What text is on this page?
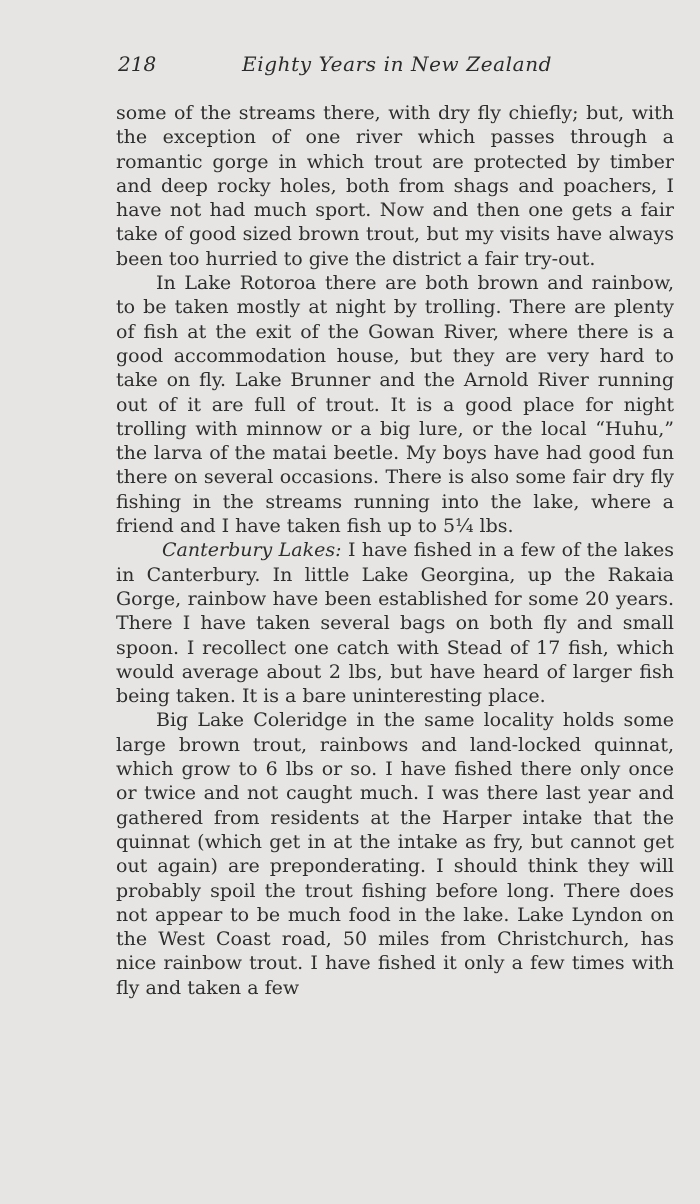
218	Eighty Years in New Zealand

some of the streams there, with dry fly chiefly; but, with the exception of one river which passes through a romantic gorge in which trout are protected by timber and deep rocky holes, both from shags and poachers, I have not had much sport. Now and then one gets a fair take of good sized brown trout, but my visits have always been too hurried to give the district a fair try-out.

In Lake Rotoroa there are both brown and rainbow, to be taken mostly at night by trolling. There are plenty of fish at the exit of the Gowan River, where there is a good accommodation house, but they are very hard to take on fly. Lake Brunner and the Arnold River running out of it are full of trout. It is a good place for night trolling with minnow or a big lure, or the local “Huhu,” the larva of the matai beetle. My boys have had good fun there on several occasions. There is also some fair dry fly fishing in the streams running into the lake, where a friend and I have taken fish up to 5¼ lbs.

Canterbury Lakes: I have fished in a few of the lakes in Canterbury. In little Lake Georgina, up the Rakaia Gorge, rainbow have been established for some 20 years. There I have taken several bags on both fly and small spoon. I recollect one catch with Stead of 17 fish, which would average about 2 lbs, but have heard of larger fish being taken. It is a bare uninteresting place.

Big Lake Coleridge in the same locality holds some large brown trout, rainbows and land-locked quinnat, which grow to 6 lbs or so. I have fished there only once or twice and not caught much. I was there last year and gathered from residents at the Harper intake that the quinnat (which get in at the intake as fry, but cannot get out again) are preponderating. I should think they will probably spoil the trout fishing before long. There does not appear to be much food in the lake. Lake Lyndon on the West Coast road, 50 miles from Christchurch, has nice rainbow trout. I have fished it only a few times with fly and taken a few
